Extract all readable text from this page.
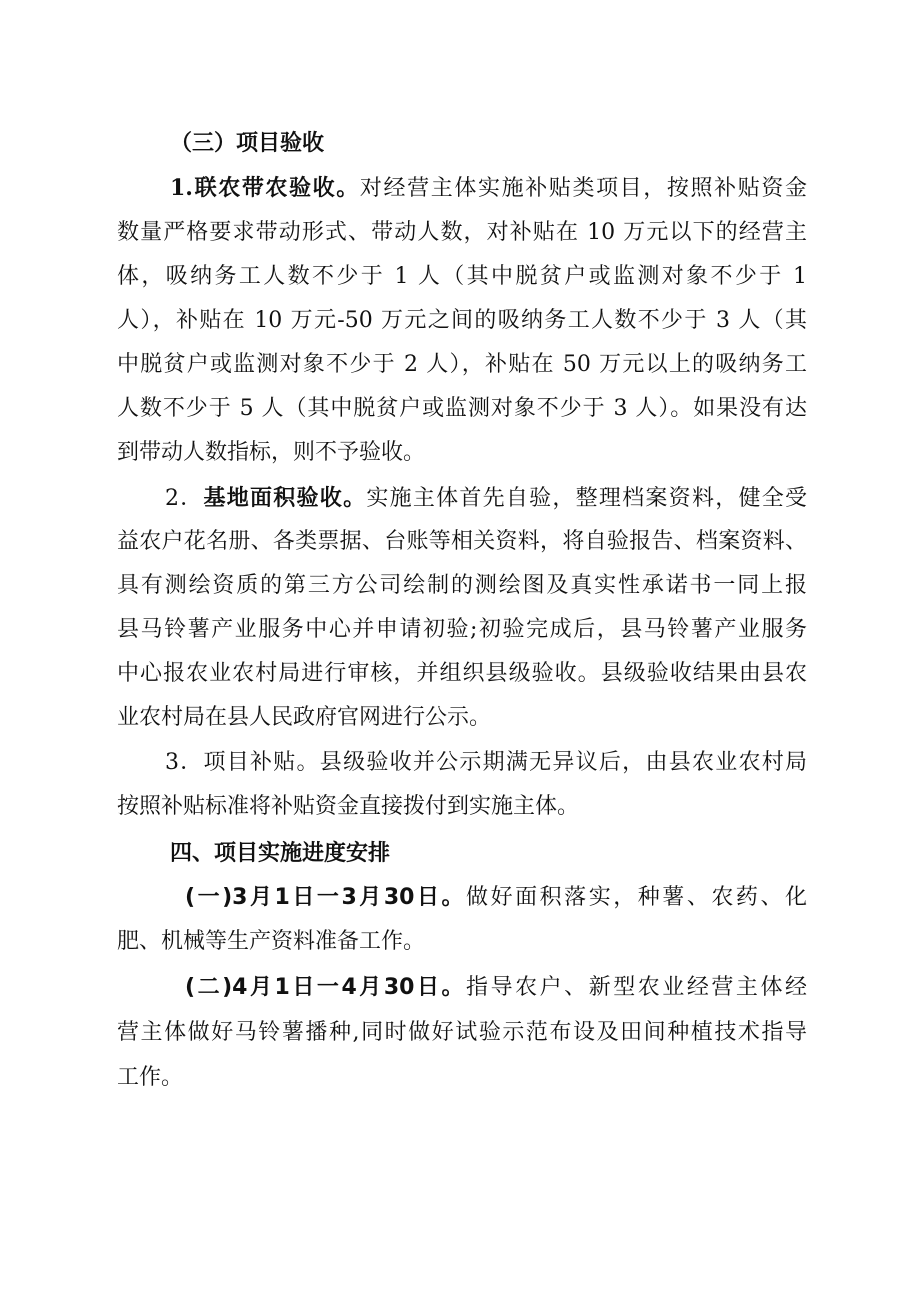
（三）项目验收
1.联农带农验收。对经营主体实施补贴类项目，按照补贴资金
数量严格要求带动形式、带动人数，对补贴在 10 万元以下的经营主
体，吸纳务工人数不少于 1 人（其中脱贫户或监测对象不少于 1
人），补贴在 10 万元-50 万元之间的吸纳务工人数不少于 3 人（其
中脱贫户或监测对象不少于 2 人），补贴在 50 万元以上的吸纳务工
人数不少于 5 人（其中脱贫户或监测对象不少于 3 人）。如果没有达
到带动人数指标，则不予验收。
2．基地面积验收。实施主体首先自验，整理档案资料，健全受
益农户花名册、各类票据、台账等相关资料，将自验报告、档案资料、
具有测绘资质的第三方公司绘制的测绘图及真实性承诺书一同上报
县马铃薯产业服务中心并申请初验;初验完成后，县马铃薯产业服务
中心报农业农村局进行审核，并组织县级验收。县级验收结果由县农
业农村局在县人民政府官网进行公示。
3．项目补贴。县级验收并公示期满无异议后，由县农业农村局
按照补贴标准将补贴资金直接拨付到实施主体。
四、项目实施进度安排
(一)3月1日一3月30日。做好面积落实，种薯、农药、化
肥、机械等生产资料准备工作。
(二)4月1日一4月30日。指导农户、新型农业经营主体经
营主体做好马铃薯播种,同时做好试验示范布设及田间种植技术指导
工作。
